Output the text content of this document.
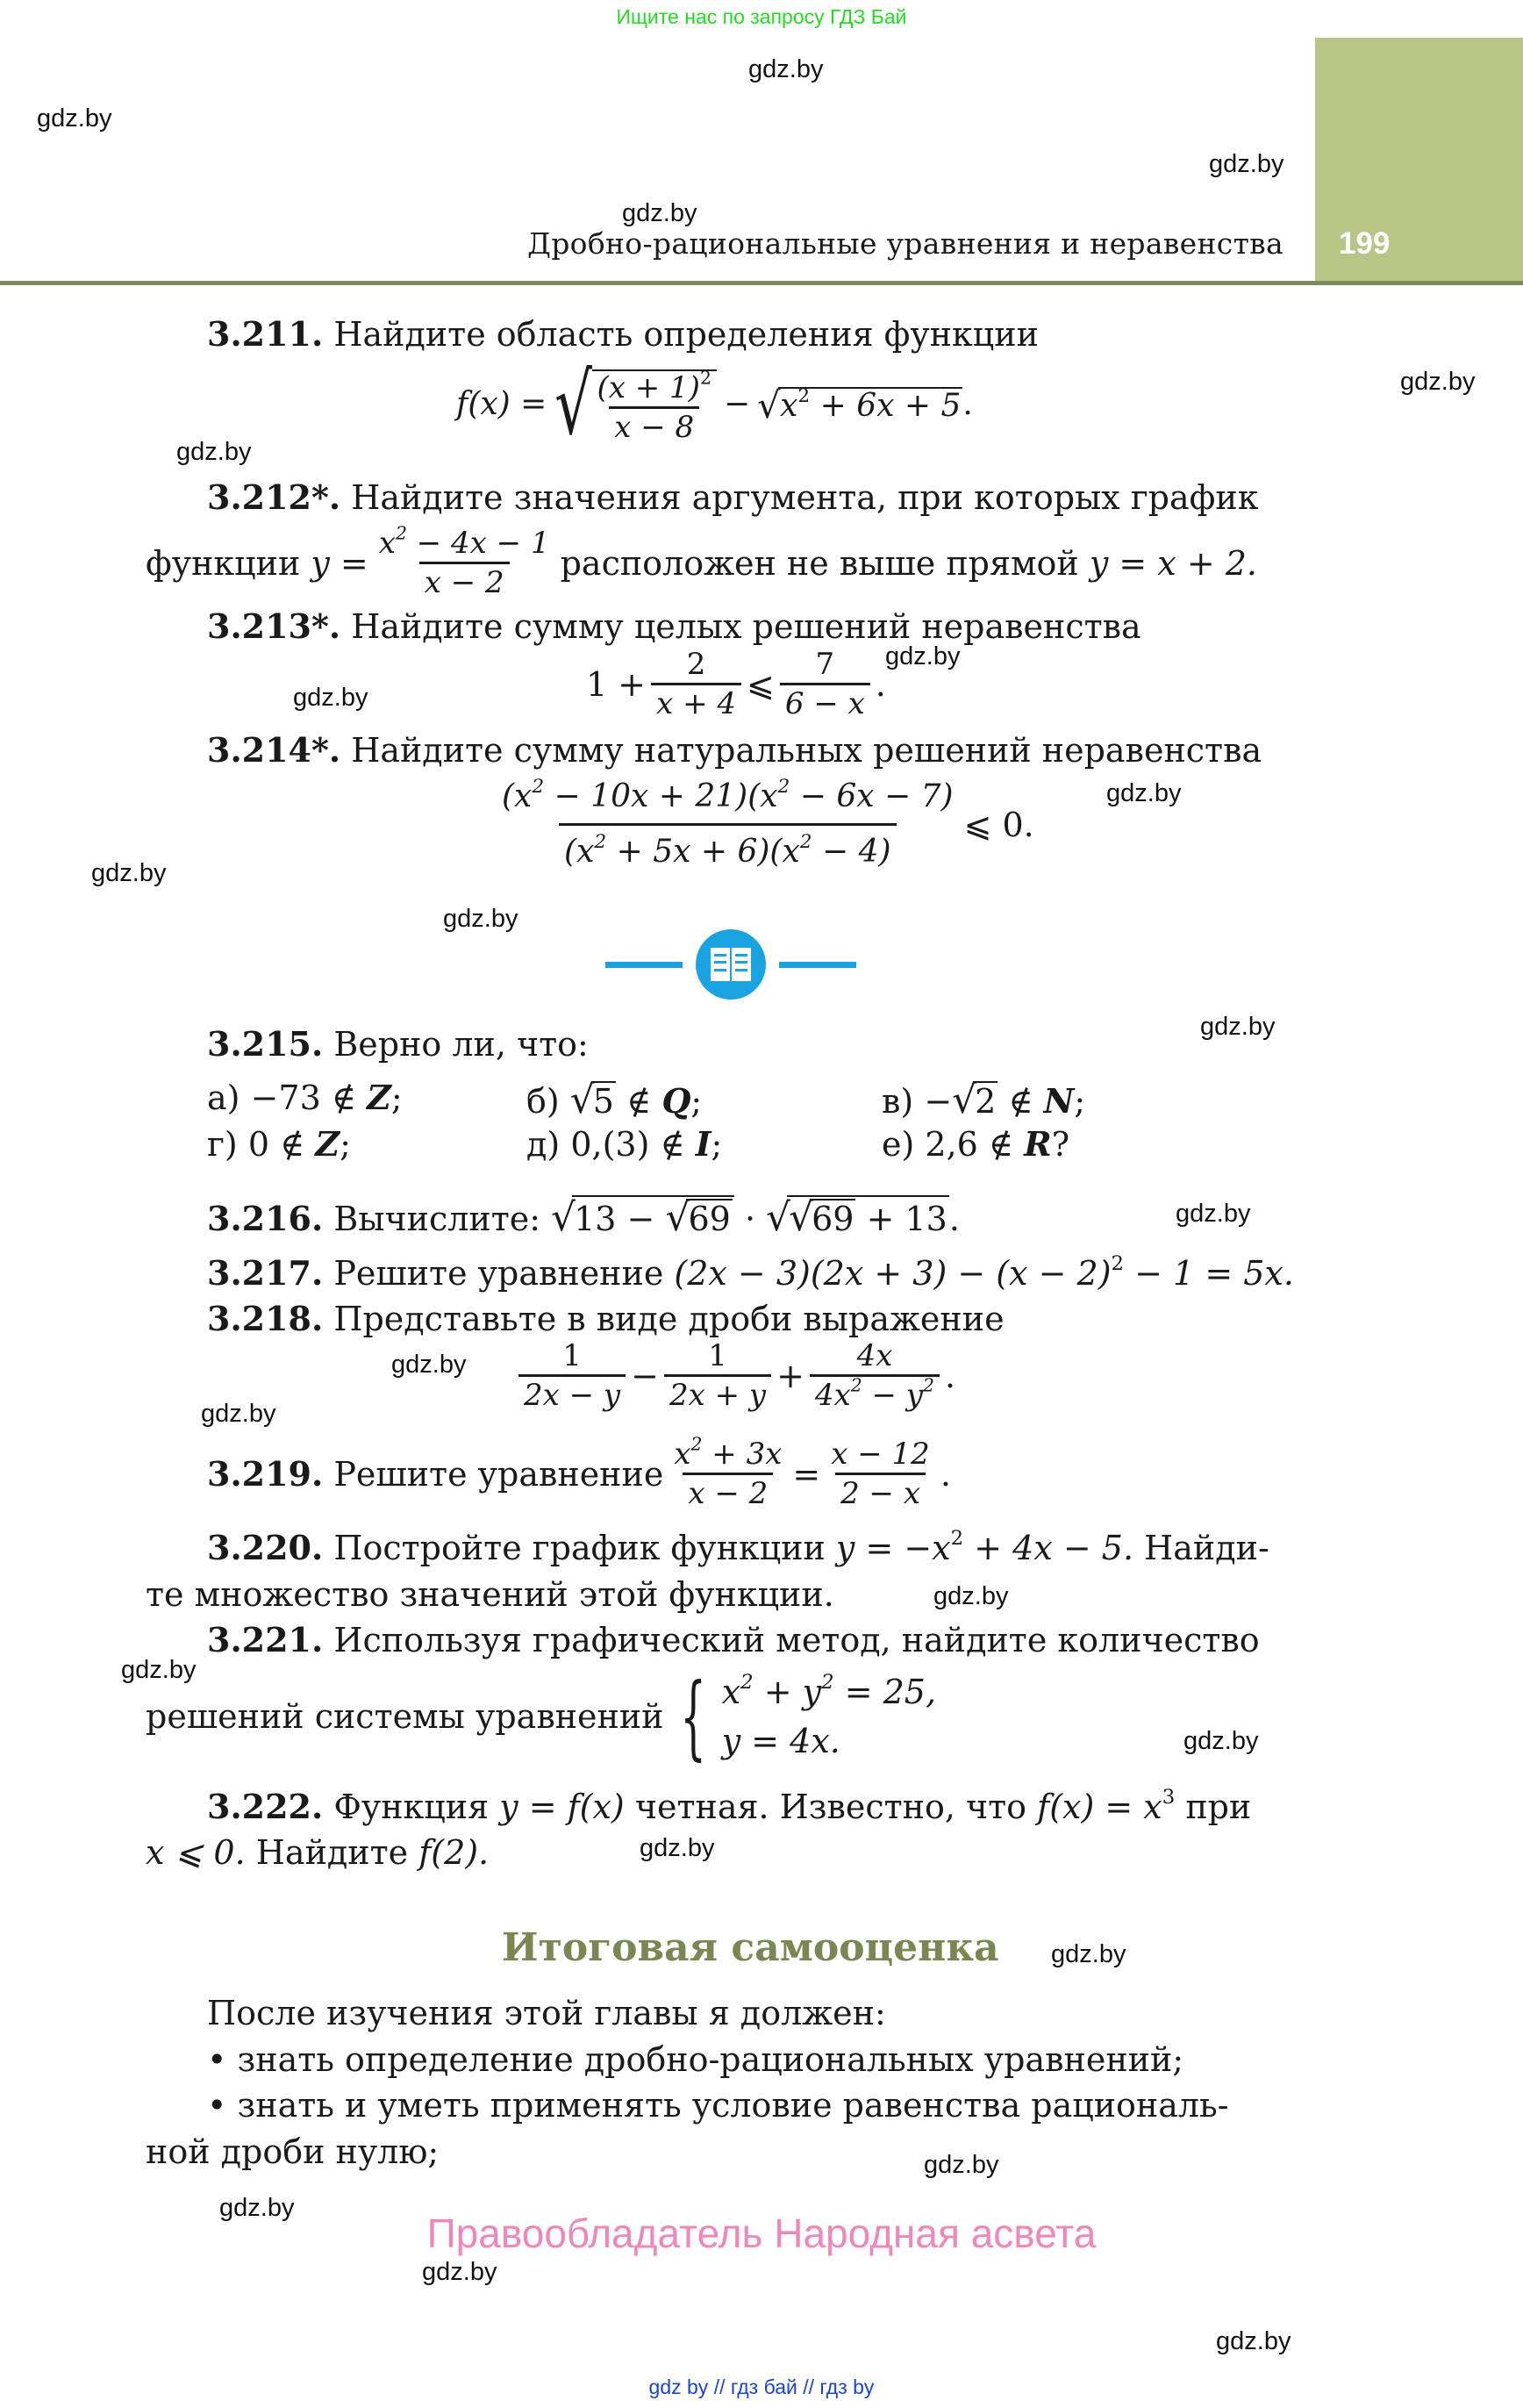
Ищите нас по запросу ГДЗ Бай
199
Дробно-рациональные уравнения и неравенства
gdz.by
gdz.by
gdz.by
gdz.by
gdz.by
gdz.by
gdz.by
gdz.by
gdz.by
gdz.by
gdz.by
gdz.by
gdz.by
gdz.by
gdz.by
gdz.by
gdz.by
gdz.by
gdz.by
gdz.by
gdz.by
gdz.by
gdz.by
gdz.by
3.211. Найдите область определения функции
f(x) = √ $\frac{(x + 1)^2}{x - 8}$ − √ $x^2 + 6x + 5$ .
3.212*. Найдите значения аргумента, при которых график
функции
$y = \frac{x^2 - 4x - 1}{x - 2}$ расположен не выше прямой
y = x + 2.
3.213*. Найдите сумму целых решений неравенства
$1 + \frac{2}{x + 4}$ ⩽ $\frac{7}{6 - x}$ .
3.214*. Найдите сумму натуральных решений неравенства
$\frac{(x^2 - 10x + 21)(x^2 - 6x - 7)}{(x^2 + 5x + 6)(x^2 - 4)}$ ⩽ 0.
3.215. Верно ли, что:
а) −73 ∉ Z;	б) √ 5 ∉ Q;	в) − √ 2 ∉ N;
г) 0 ∉ Z;	д) 0,(3) ∉ I;	е) 2,6 ∉ R?
3.216. Вычислите: √ 13 − √ 69 · √ √ 69 + 13.
3.217. Решите уравнение $(2x - 3)(2x + 3) - (x - 2)^2 - 1 = 5x$.
3.218. Представьте в виде дроби выражение
$\frac{1}{2x - y} - \frac{1}{2x + y} + \frac{4x}{4x^2 - y^2}$ .
3.219.
Решите уравнение $\frac{x^2 + 3x}{x - 2} = \frac{x - 12}{2 - x}$ .
3.220. Постройте график функции $y = -x^2 + 4x - 5$. Найди-
те множество значений этой функции.
3.221. Используя графический метод, найдите количество
решений системы уравнений { $x^2 + y^2 = 25$,
y = 4x.
3.222. Функция y = f(x) четная. Известно, что $f(x) = x^3$ при
x ⩽ 0. Найдите f(2).
Итоговая самооценка
После изучения этой главы я должен:
• знать определение дробно-рациональных уравнений;
• знать и уметь применять условие равенства рациональ-
ной дроби нулю;
Правообладатель Народная асвета
gdz by // гдз бай // гдз by
